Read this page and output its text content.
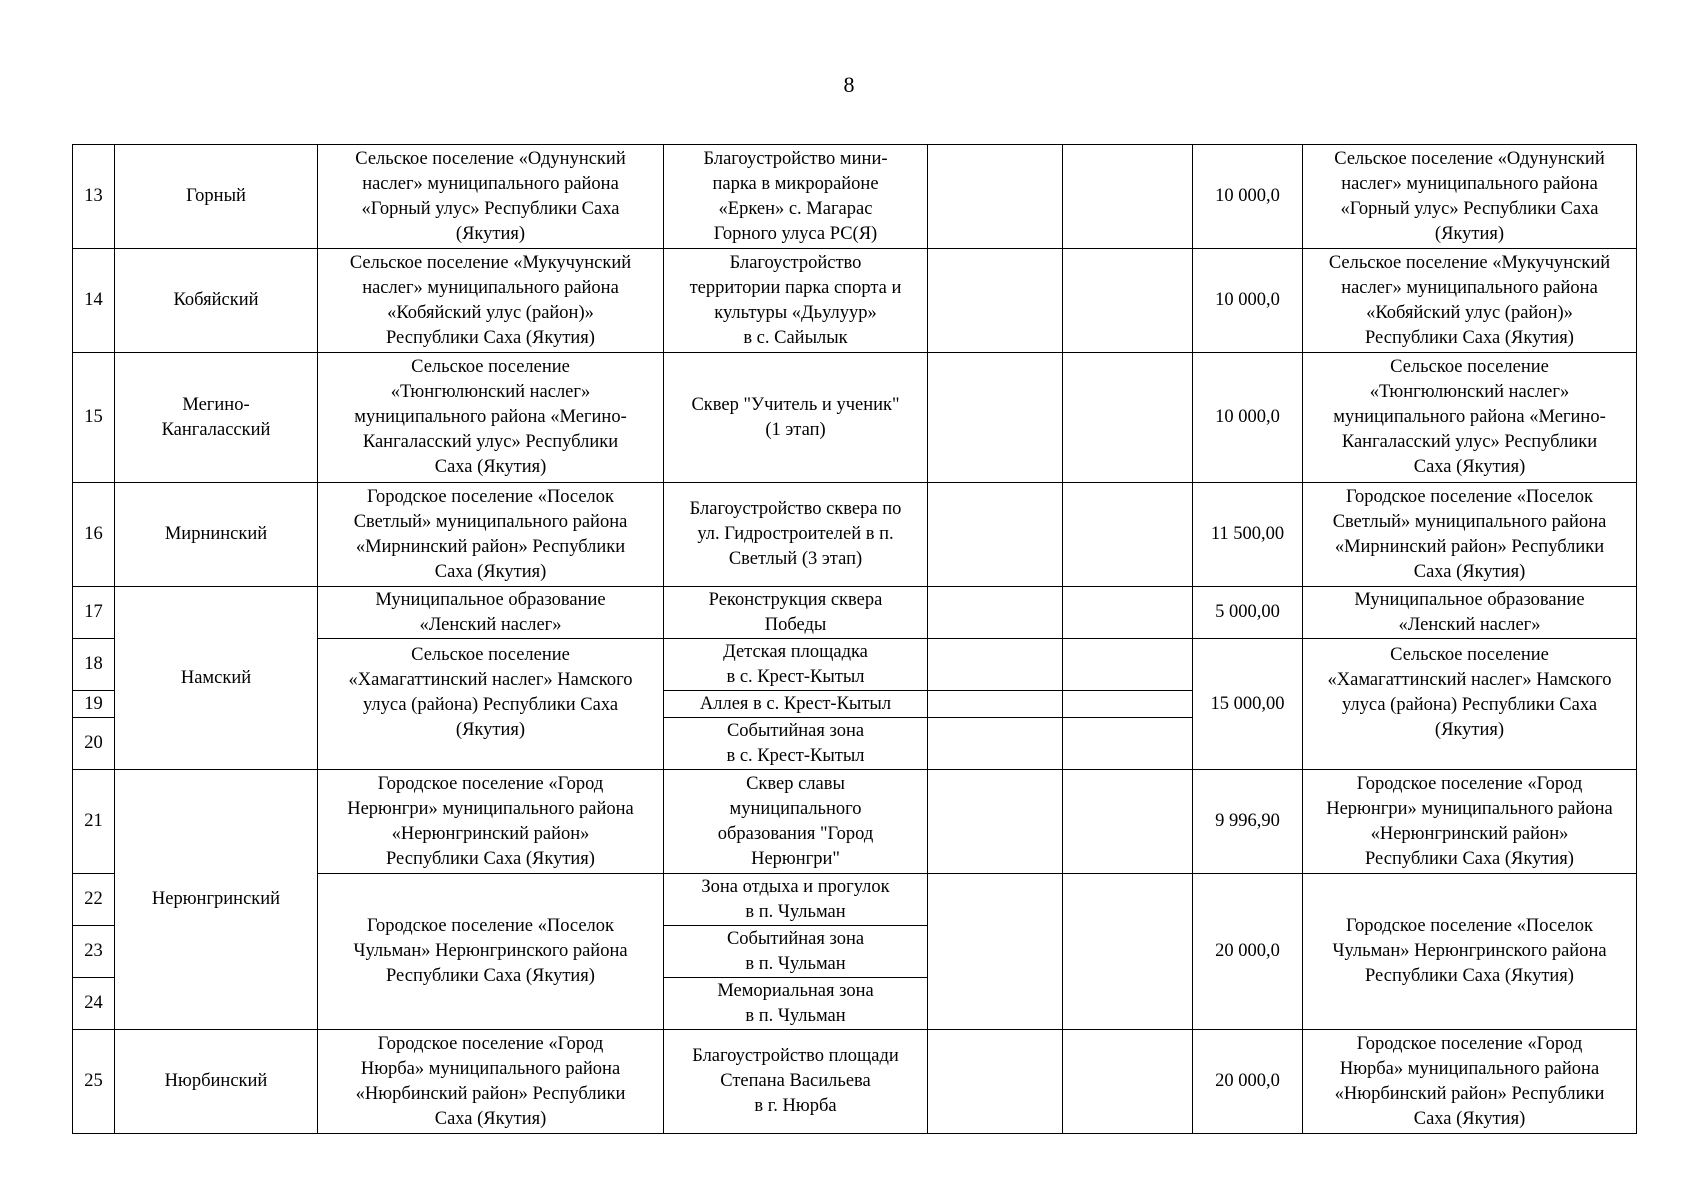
8
13	Горный	Сельское поселение «Одунунский
наслег» муниципального района
«Горный улус» Республики Саха
(Якутия)	Благоустройство мини-
парка в микрорайоне
«Еркен» с. Магарас
Горного улуса РС(Я)			10 000,0	Сельское поселение «Одунунский
наслег» муниципального района
«Горный улус» Республики Саха
(Якутия)
14	Кобяйский	Сельское поселение «Мукучунский
наслег» муниципального района
«Кобяйский улус (район)»
Республики Саха (Якутия)	Благоустройство
территории парка спорта и
культуры «Дьулуур»
в с. Сайылык			10 000,0	Сельское поселение «Мукучунский
наслег» муниципального района
«Кобяйский улус (район)»
Республики Саха (Якутия)
15	Мегино-
Кангаласский	Сельское поселение
«Тюнгюлюнский наслег»
муниципального района «Мегино-
Кангаласский улус» Республики
Саха (Якутия)	Сквер "Учитель и ученик"
(1 этап)			10 000,0	Сельское поселение
«Тюнгюлюнский наслег»
муниципального района «Мегино-
Кангаласский улус» Республики
Саха (Якутия)
16	Мирнинский	Городское поселение «Поселок
Светлый» муниципального района
«Мирнинский район» Республики
Саха (Якутия)	Благоустройство сквера по
ул. Гидростроителей в п.
Светлый (3 этап)			11 500,00	Городское поселение «Поселок
Светлый» муниципального района
«Мирнинский район» Республики
Саха (Якутия)
17	Намский	Муниципальное образование
«Ленский наслег»	Реконструкция сквера
Победы			5 000,00	Муниципальное образование
«Ленский наслег»
18		Сельское поселение
«Хамагаттинский наслег» Намского
улуса (района) Республики Саха
(Якутия)	Детская площадка
в с. Крест-Кытыл			15 000,00	Сельское поселение
«Хамагаттинский наслег» Намского
улуса (района) Республики Саха
(Якутия)
19			Аллея в с. Крест-Кытыл				
20			Событийная зона
в с. Крест-Кытыл				
21	Нерюнгринский	Городское поселение «Город
Нерюнгри» муниципального района
«Нерюнгринский район»
Республики Саха (Якутия)	Сквер славы
муниципального
образования "Город
Нерюнгри"			9 996,90	Городское поселение «Город
Нерюнгри» муниципального района
«Нерюнгринский район»
Республики Саха (Якутия)
22		Городское поселение «Поселок
Чульман» Нерюнгринского района
Республики Саха (Якутия)	Зона отдыха и прогулок
в п. Чульман			20 000,0	Городское поселение «Поселок
Чульман» Нерюнгринского района
Республики Саха (Якутия)
23			Событийная зона
в п. Чульман				
24			Мемориальная зона
в п. Чульман				
25	Нюрбинский	Городское поселение «Город
Нюрба» муниципального района
«Нюрбинский район» Республики
Саха (Якутия)	Благоустройство площади
Степана Васильева
в г. Нюрба			20 000,0	Городское поселение «Город
Нюрба» муниципального района
«Нюрбинский район» Республики
Саха (Якутия)
